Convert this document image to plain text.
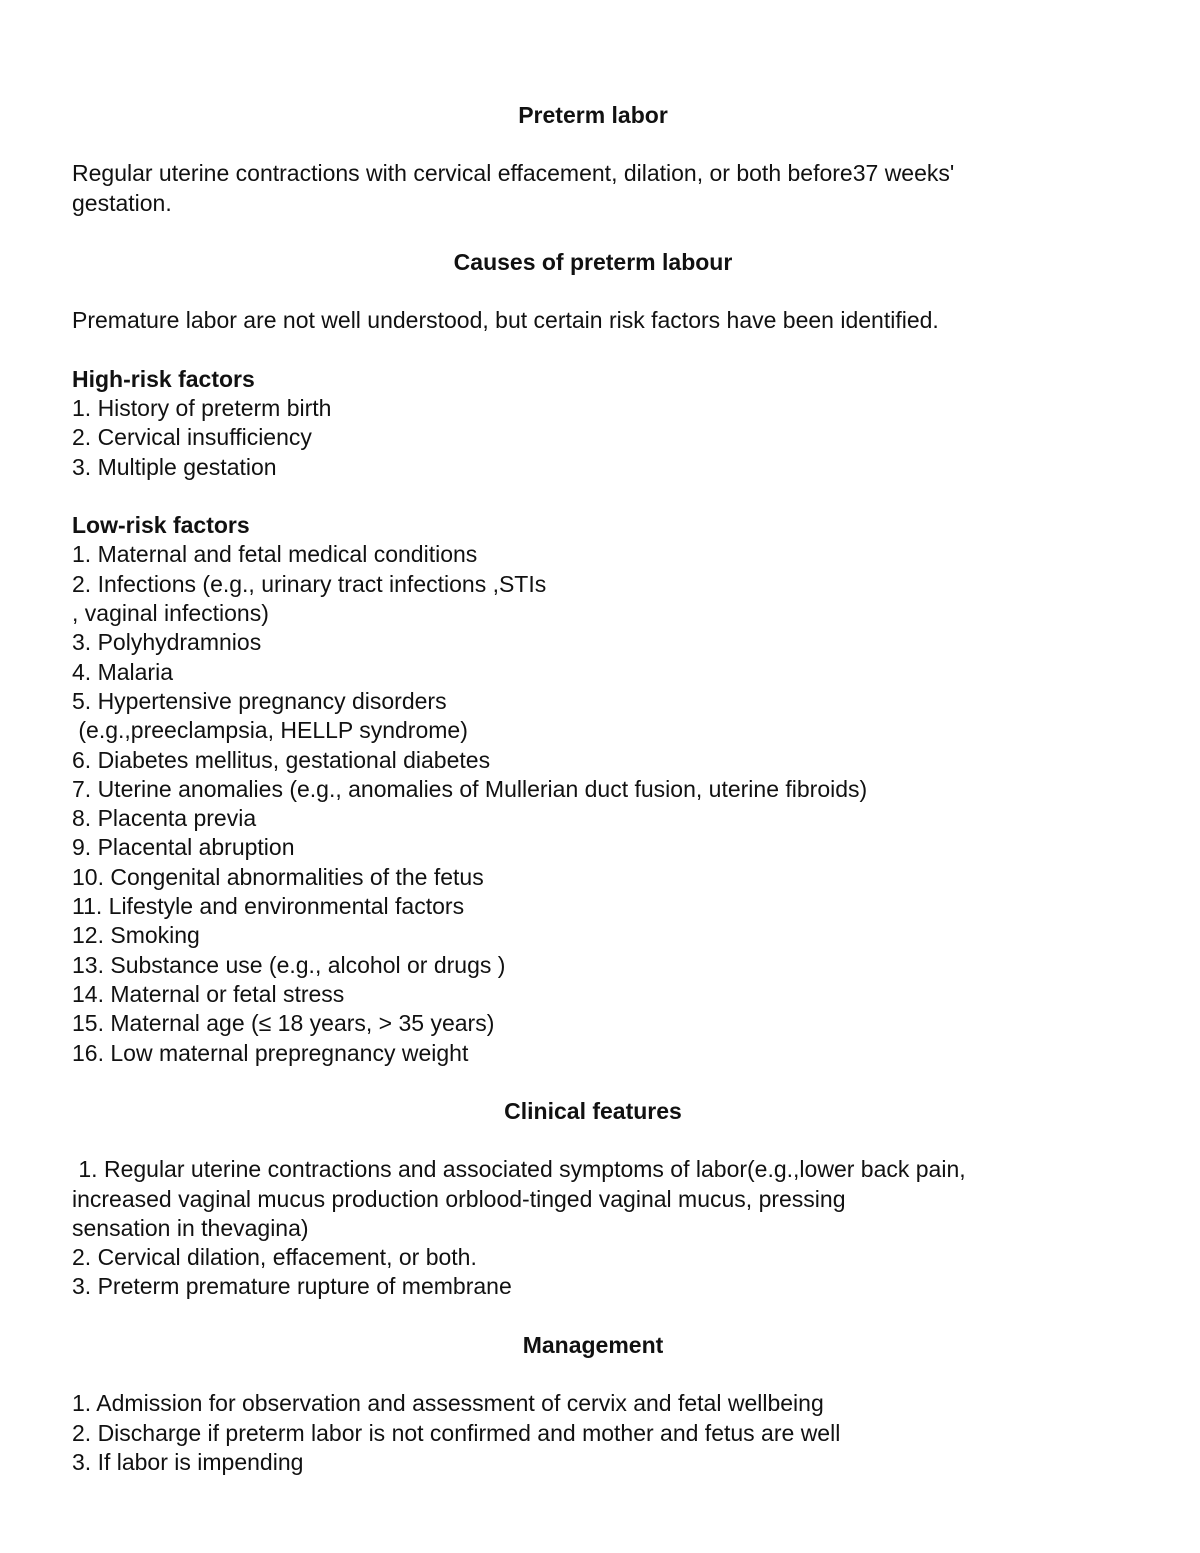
Preterm labor
Regular uterine contractions with cervical effacement, dilation, or both before37 weeks'
gestation.
Causes of preterm labour
Premature labor are not well understood, but certain risk factors have been identified.
High-risk factors
1. History of preterm birth
2. Cervical insufficiency
3. Multiple gestation
Low-risk factors
1. Maternal and fetal medical conditions
2. Infections (e.g., urinary tract infections ,STIs
, vaginal infections)
3. Polyhydramnios
4. Malaria
5. Hypertensive pregnancy disorders
(e.g.,preeclampsia, HELLP syndrome)
6. Diabetes mellitus, gestational diabetes
7. Uterine anomalies (e.g., anomalies of Mullerian duct fusion, uterine fibroids)
8. Placenta previa
9. Placental abruption
10. Congenital abnormalities of the fetus
11. Lifestyle and environmental factors
12. Smoking
13. Substance use (e.g., alcohol or drugs )
14. Maternal or fetal stress
15. Maternal age (≤ 18 years, > 35 years)
16. Low maternal prepregnancy weight
Clinical features
1. Regular uterine contractions and associated symptoms of labor(e.g.,lower back pain,
increased vaginal mucus production orblood-tinged vaginal mucus, pressing
sensation in thevagina)
2. Cervical dilation, effacement, or both.
3. Preterm premature rupture of membrane
Management
1. Admission for observation and assessment of cervix and fetal wellbeing
2. Discharge if preterm labor is not confirmed and mother and fetus are well
3. If labor is impending
